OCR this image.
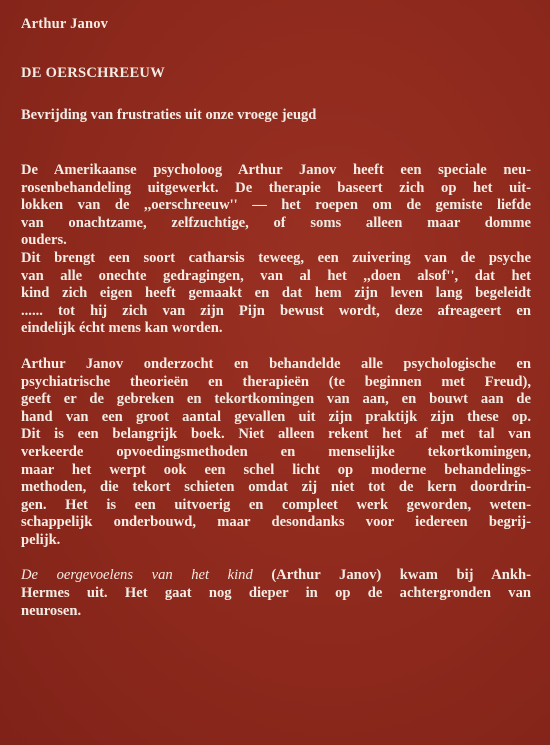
Arthur Janov

DE OERSCHREEUW

Bevrijding van frustraties uit onze vroege jeugd

De Amerikaanse psycholoog Arthur Janov heeft een speciale neu-
rosenbehandeling uitgewerkt. De therapie baseert zich op het uit-
lokken van de ,,oerschreeuw'' — het roepen om de gemiste liefde
van onachtzame, zelfzuchtige, of soms alleen maar domme
ouders.
Dit brengt een soort catharsis teweeg, een zuivering van de psyche
van alle onechte gedragingen, van al het ,,doen alsof'', dat het
kind zich eigen heeft gemaakt en dat hem zijn leven lang begeleidt
...... tot hij zich van zijn Pijn bewust wordt, deze afreageert en
eindelijk écht mens kan worden.
Arthur Janov onderzocht en behandelde alle psychologische en
psychiatrische theorieën en therapieën (te beginnen met Freud),
geeft er de gebreken en tekortkomingen van aan, en bouwt aan de
hand van een groot aantal gevallen uit zijn praktijk zijn these op.
Dit is een belangrijk boek. Niet alleen rekent het af met tal van
verkeerde opvoedingsmethoden en menselijke tekortkomingen,
maar het werpt ook een schel licht op moderne behandelings-
methoden, die tekort schieten omdat zij niet tot de kern doordrin-
gen. Het is een uitvoerig en compleet werk geworden, weten-
schappelijk onderbouwd, maar desondanks voor iedereen begrij-
pelijk.
De oergevoelens van het kind (Arthur Janov) kwam bij Ankh-
Hermes uit. Het gaat nog dieper in op de achtergronden van
neurosen.
